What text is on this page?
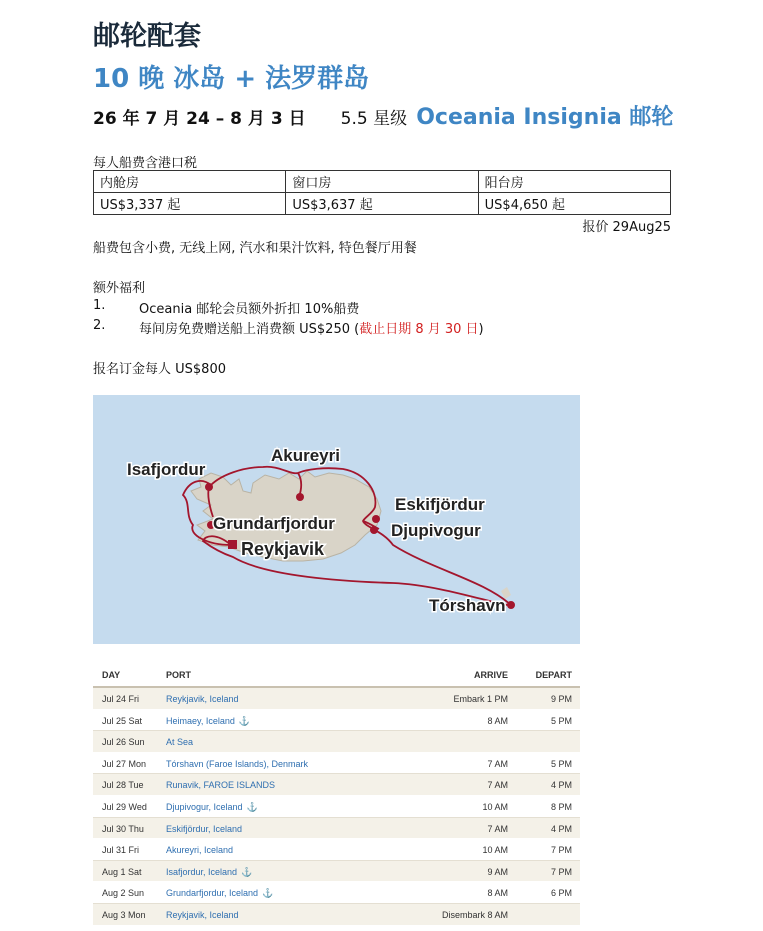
邮轮配套
10 晚 冰岛 + 法罗群岛
26 年 7 月 24 – 8 月 3 日 5.5 星级 Oceania Insignia 邮轮
每人船费含港口税
内舱房	窗口房	阳台房
US$3,337 起	US$3,637 起	US$4,650 起
报价 29Aug25
船费包含小费, 无线上网, 汽水和果汁饮料, 特色餐厅用餐
额外福利
1.	Oceania 邮轮会员额外折扣 10%船费
2.	每间房免费赠送船上消费额 US$250 (截止日期 8 月 30 日)
报名订金每人 US$800
Isafjordur
Akureyri
Eskifjördur
Djupivogur
Grundarfjordur
Reykjavik
Tórshavn
DAY	PORT	ARRIVE	DEPART
Jul 24 Fri	Reykjavik, Iceland	Embark 1 PM	9 PM
Jul 25 Sat	Heimaey, Iceland ⚓	8 AM	5 PM
Jul 26 Sun At Sea
Jul 27 Mon Tórshavn (Faroe Islands), Denmark	7 AM	5 PM
Jul 28 Tue Runavik, FAROE ISLANDS	7 AM	4 PM
Jul 29 Wed Djupivogur, Iceland ⚓	10 AM	8 PM
Jul 30 Thu Eskifjördur, Iceland	7 AM	4 PM
Jul 31 Fri	Akureyri, Iceland	10 AM	7 PM
Aug 1 Sat	Isafjordur, Iceland ⚓	9 AM	7 PM
Aug 2 Sun Grundarfjordur, Iceland ⚓	8 AM	6 PM
Aug 3 Mon Reykjavik, Iceland	Disembark 8 AM
